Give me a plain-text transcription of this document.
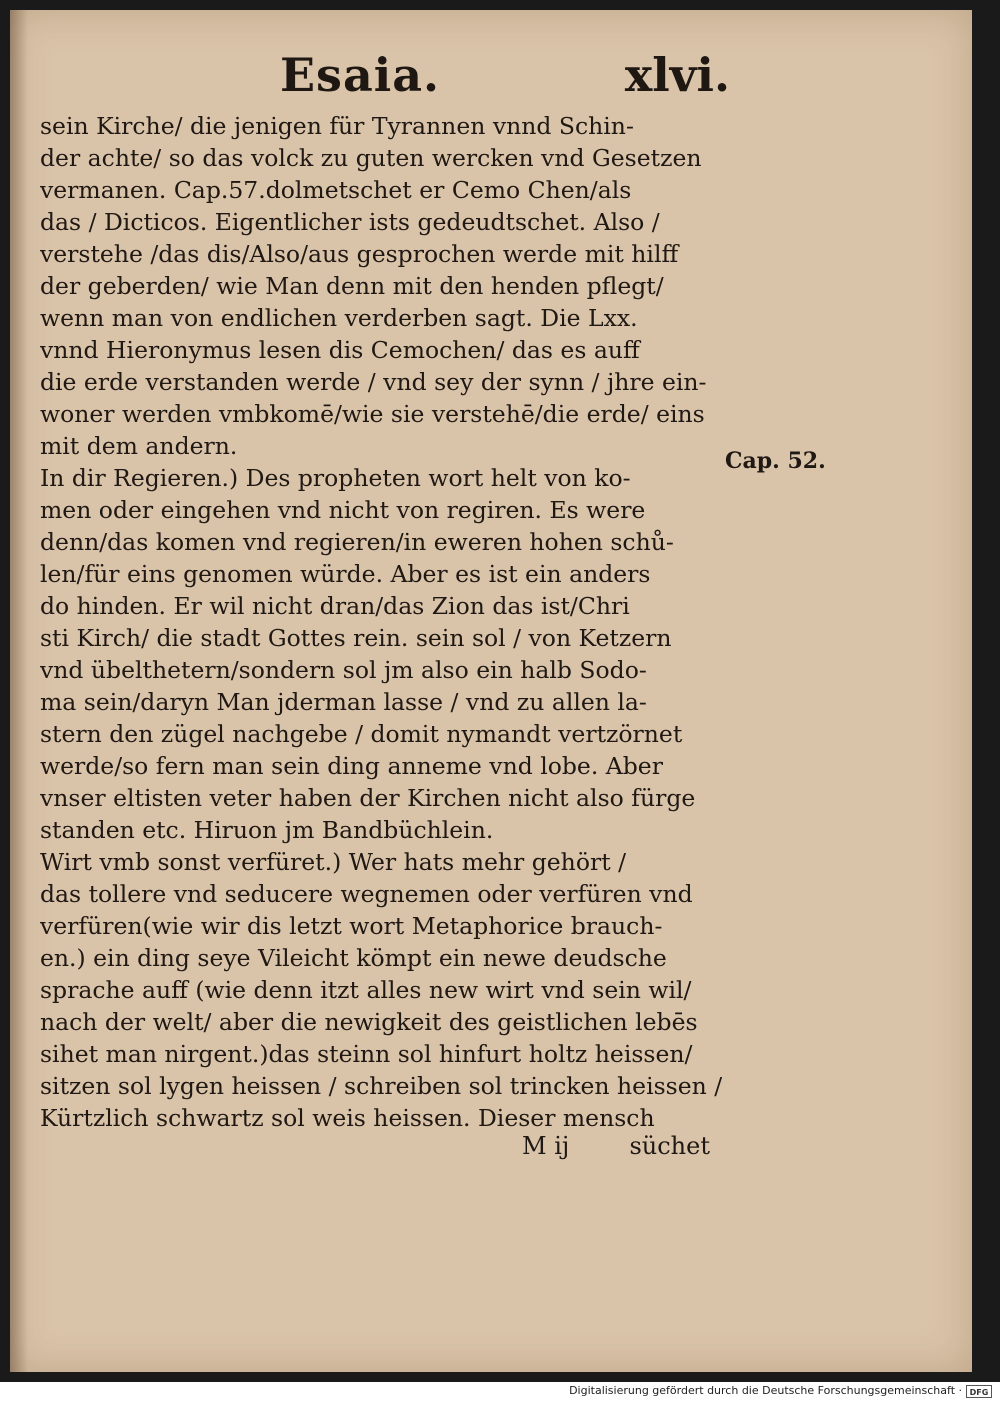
Esaia.	xlvi.
sein Kirche/ die jenigen für Tyrannen vnnd Schin-
der achte/ so das volck zu guten wercken vnd Gesetzen
vermanen. Cap.57.dolmetschet er Cemo Chen/als
das / Dicticos. Eigentlicher ists gedeudtschet. Also /
verstehe /das dis/Also/aus gesprochen werde mit hilff
der geberden/ wie Man denn mit den henden pflegt/
wenn man von endlichen verderben sagt. Die Lxx.
vnnd Hieronymus lesen dis Cemochen/ das es auff
die erde verstanden werde / vnd sey der synn / jhre ein-
woner werden vmbkomē/wie sie verstehē/die erde/ eins
mit dem andern.
In dir Regieren.) Des propheten wort helt von ko-
men oder eingehen vnd nicht von regiren. Es were
denn/das komen vnd regieren/in eweren hohen schů-
len/für eins genomen würde. Aber es ist ein anders
do hinden. Er wil nicht dran/das Zion das ist/Chri
sti Kirch/ die stadt Gottes rein. sein sol / von Ketzern
vnd übelthetern/sondern sol jm also ein halb Sodo-
ma sein/daryn Man jderman lasse / vnd zu allen la-
stern den zügel nachgebe / domit nymandt vertzörnet
werde/so fern man sein ding anneme vnd lobe. Aber
vnser eltisten veter haben der Kirchen nicht also fürge
standen etc. Hiruon jm Bandbüchlein.
Wirt vmb sonst verfüret.) Wer hats mehr gehört /
das tollere vnd seducere wegnemen oder verfüren vnd
verfüren(wie wir dis letzt wort Metaphorice brauch-
en.) ein ding seye Vileicht kömpt ein newe deudsche
sprache auff (wie denn itzt alles new wirt vnd sein wil/
nach der welt/ aber die newigkeit des geistlichen lebēs
sihet man nirgent.)das steinn sol hinfurt holtz heissen/
sitzen sol lygen heissen / schreiben sol trincken heissen /
Kürtzlich schwartz sol weis heissen. Dieser mensch
Cap. 52.
M ij	süchet
Digitalisierung gefördert durch die Deutsche Forschungsgemeinschaft · DFG
